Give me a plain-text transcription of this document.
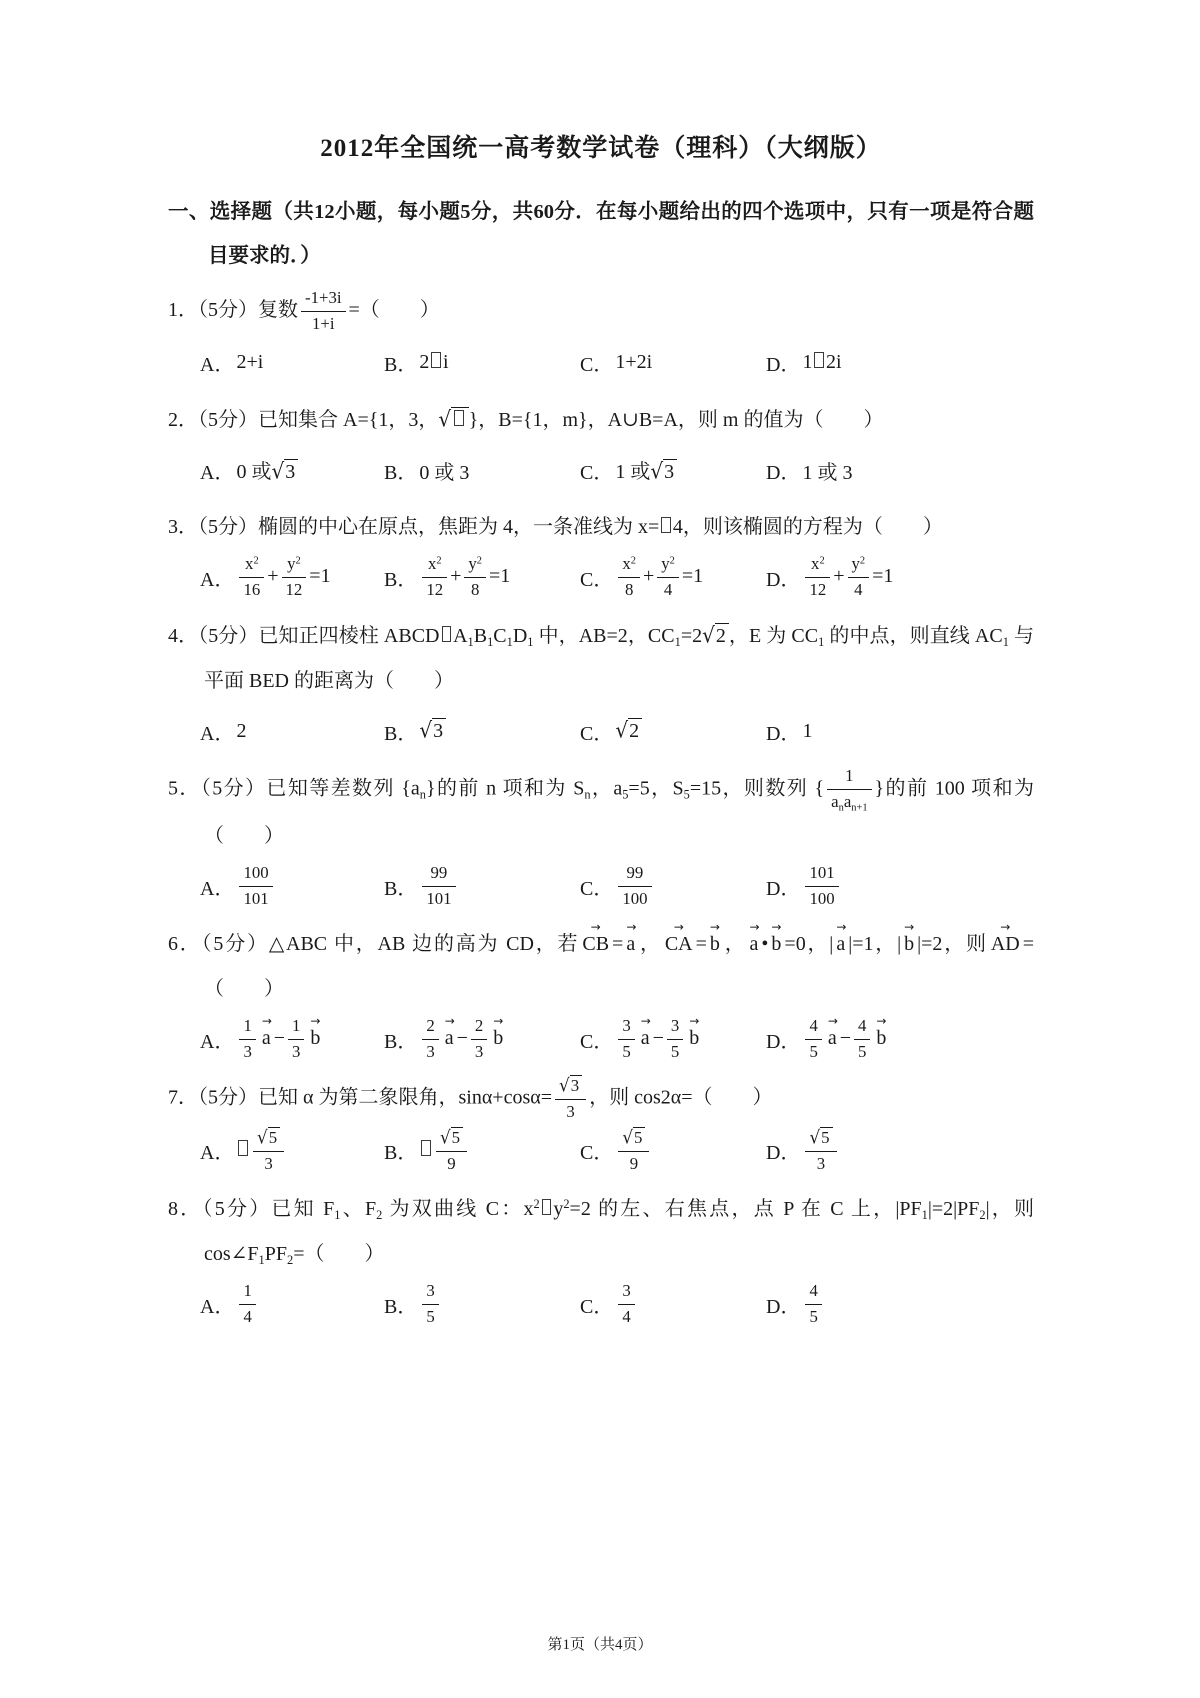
2012年全国统一高考数学试卷（理科）（大纲版）

一、选择题（共12小题，每小题5分，共60分．在每小题给出的四个选项中，只有一项是符合题目要求的．）

1．（5分）复数 $\frac{-1+3i}{1+i}$ =（　　）
A． 2+i	B． 2 i	C． 1+2i	D． 1 2i
2．（5分）已知集合 A={1，3，√ }，B={1，m}，A∪B=A，则 m 的值为（　　）
A． 0 或√3	B． 0 或 3	C． 1 或√3	D． 1 或 3
3．（5分）椭圆的中心在原点，焦距为 4，一条准线为 x= 4，则该椭圆的方程为（　　）
A． $\frac{x^2}{16} + \frac{y^2}{12} =1$	B． $\frac{x^2}{12} + \frac{y^2}{8} =1$	C． $\frac{x^2}{8} + \frac{y^2}{4} =1$	D． $\frac{x^2}{12} + \frac{y^2}{4} =1$
4．（5分）已知正四棱柱 ABCD $A_1B_1C_1D_1$ 中，AB=2，$CC_1=2√2$ ，E 为 $CC_1$ 的中点，则直线 $AC_1$ 与平面 BED 的距离为（　　）
A． 2	B． √3	C． √2	D． 1
5．（5分）已知等差数列 $\{a_n\}$的前 n 项和为 $S_n$，$a_5=5$，$S_5=15$，则数列 { $\frac{1}{a_na_{n+1}}$ }的前 100 项和为（　　）
A． $\frac{100}{101}$	B． $\frac{99}{101}$	C． $\frac{99}{100}$	D． $\frac{101}{100}$
6．（5分）△ABC 中，AB 边的高为 CD，若 CB → = a → ， CA → = b → ， a → • b → =0，| a → |=1，| b → |=2，则 AD → =（　　）
A． $\frac{1}{3}$ a → − $\frac{1}{3}$ b →	B． $\frac{2}{3}$ a → − $\frac{2}{3}$ b →	C． $\frac{3}{5}$ a → − $\frac{3}{5}$ b →	D． $\frac{4}{5}$ a → − $\frac{4}{5}$ b →
7．（5分）已知 α 为第二象限角，$\sin\alpha+\cos\alpha= \frac{√3}{3}$ ，则 cos2α=（　　）
A． $\frac{√5}{3}$	B． $\frac{√5}{9}$	C． $\frac{√5}{9}$	D． $\frac{√5}{3}$
8．（5分）已知 $F_1$、$F_2$ 为双曲线 C：$x^2$ $y^2=2$ 的左、右焦点，点 P 在 C 上，$|PF_1|=2|PF_2|$，则 $\cos\angle F_1PF_2=$（　　）
A． $\frac{1}{4}$	B． $\frac{3}{5}$	C． $\frac{3}{4}$	D． $\frac{4}{5}$
第1页（共4页）
